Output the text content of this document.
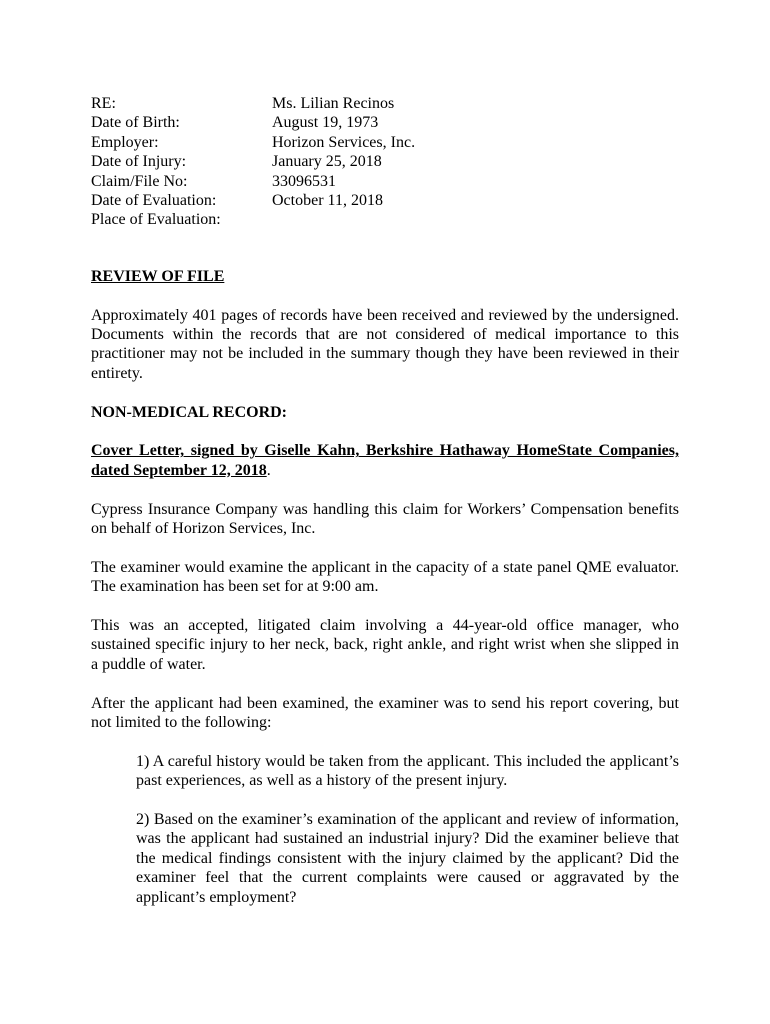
RE:	Ms. Lilian Recinos
Date of Birth:	August 19, 1973
Employer:	Horizon Services, Inc.
Date of Injury:	January 25, 2018
Claim/File No:	33096531
Date of Evaluation:	October 11, 2018
Place of Evaluation:
REVIEW OF FILE

Approximately 401 pages of records have been received and reviewed by the undersigned. Documents within the records that are not considered of medical importance to this practitioner may not be included in the summary though they have been reviewed in their entirety.

NON-MEDICAL RECORD:

Cover Letter, signed by Giselle Kahn, Berkshire Hathaway HomeState Companies, dated September 12, 2018.

Cypress Insurance Company was handling this claim for Workers’ Compensation benefits on behalf of Horizon Services, Inc.

The examiner would examine the applicant in the capacity of a state panel QME evaluator. The examination has been set for at 9:00 am.

This was an accepted, litigated claim involving a 44-year-old office manager, who sustained specific injury to her neck, back, right ankle, and right wrist when she slipped in a puddle of water.

After the applicant had been examined, the examiner was to send his report covering, but not limited to the following:

1) A careful history would be taken from the applicant. This included the applicant’s past experiences, as well as a history of the present injury.

2) Based on the examiner’s examination of the applicant and review of information, was the applicant had sustained an industrial injury? Did the examiner believe that the medical findings consistent with the injury claimed by the applicant? Did the examiner feel that the current complaints were caused or aggravated by the applicant’s employment?
